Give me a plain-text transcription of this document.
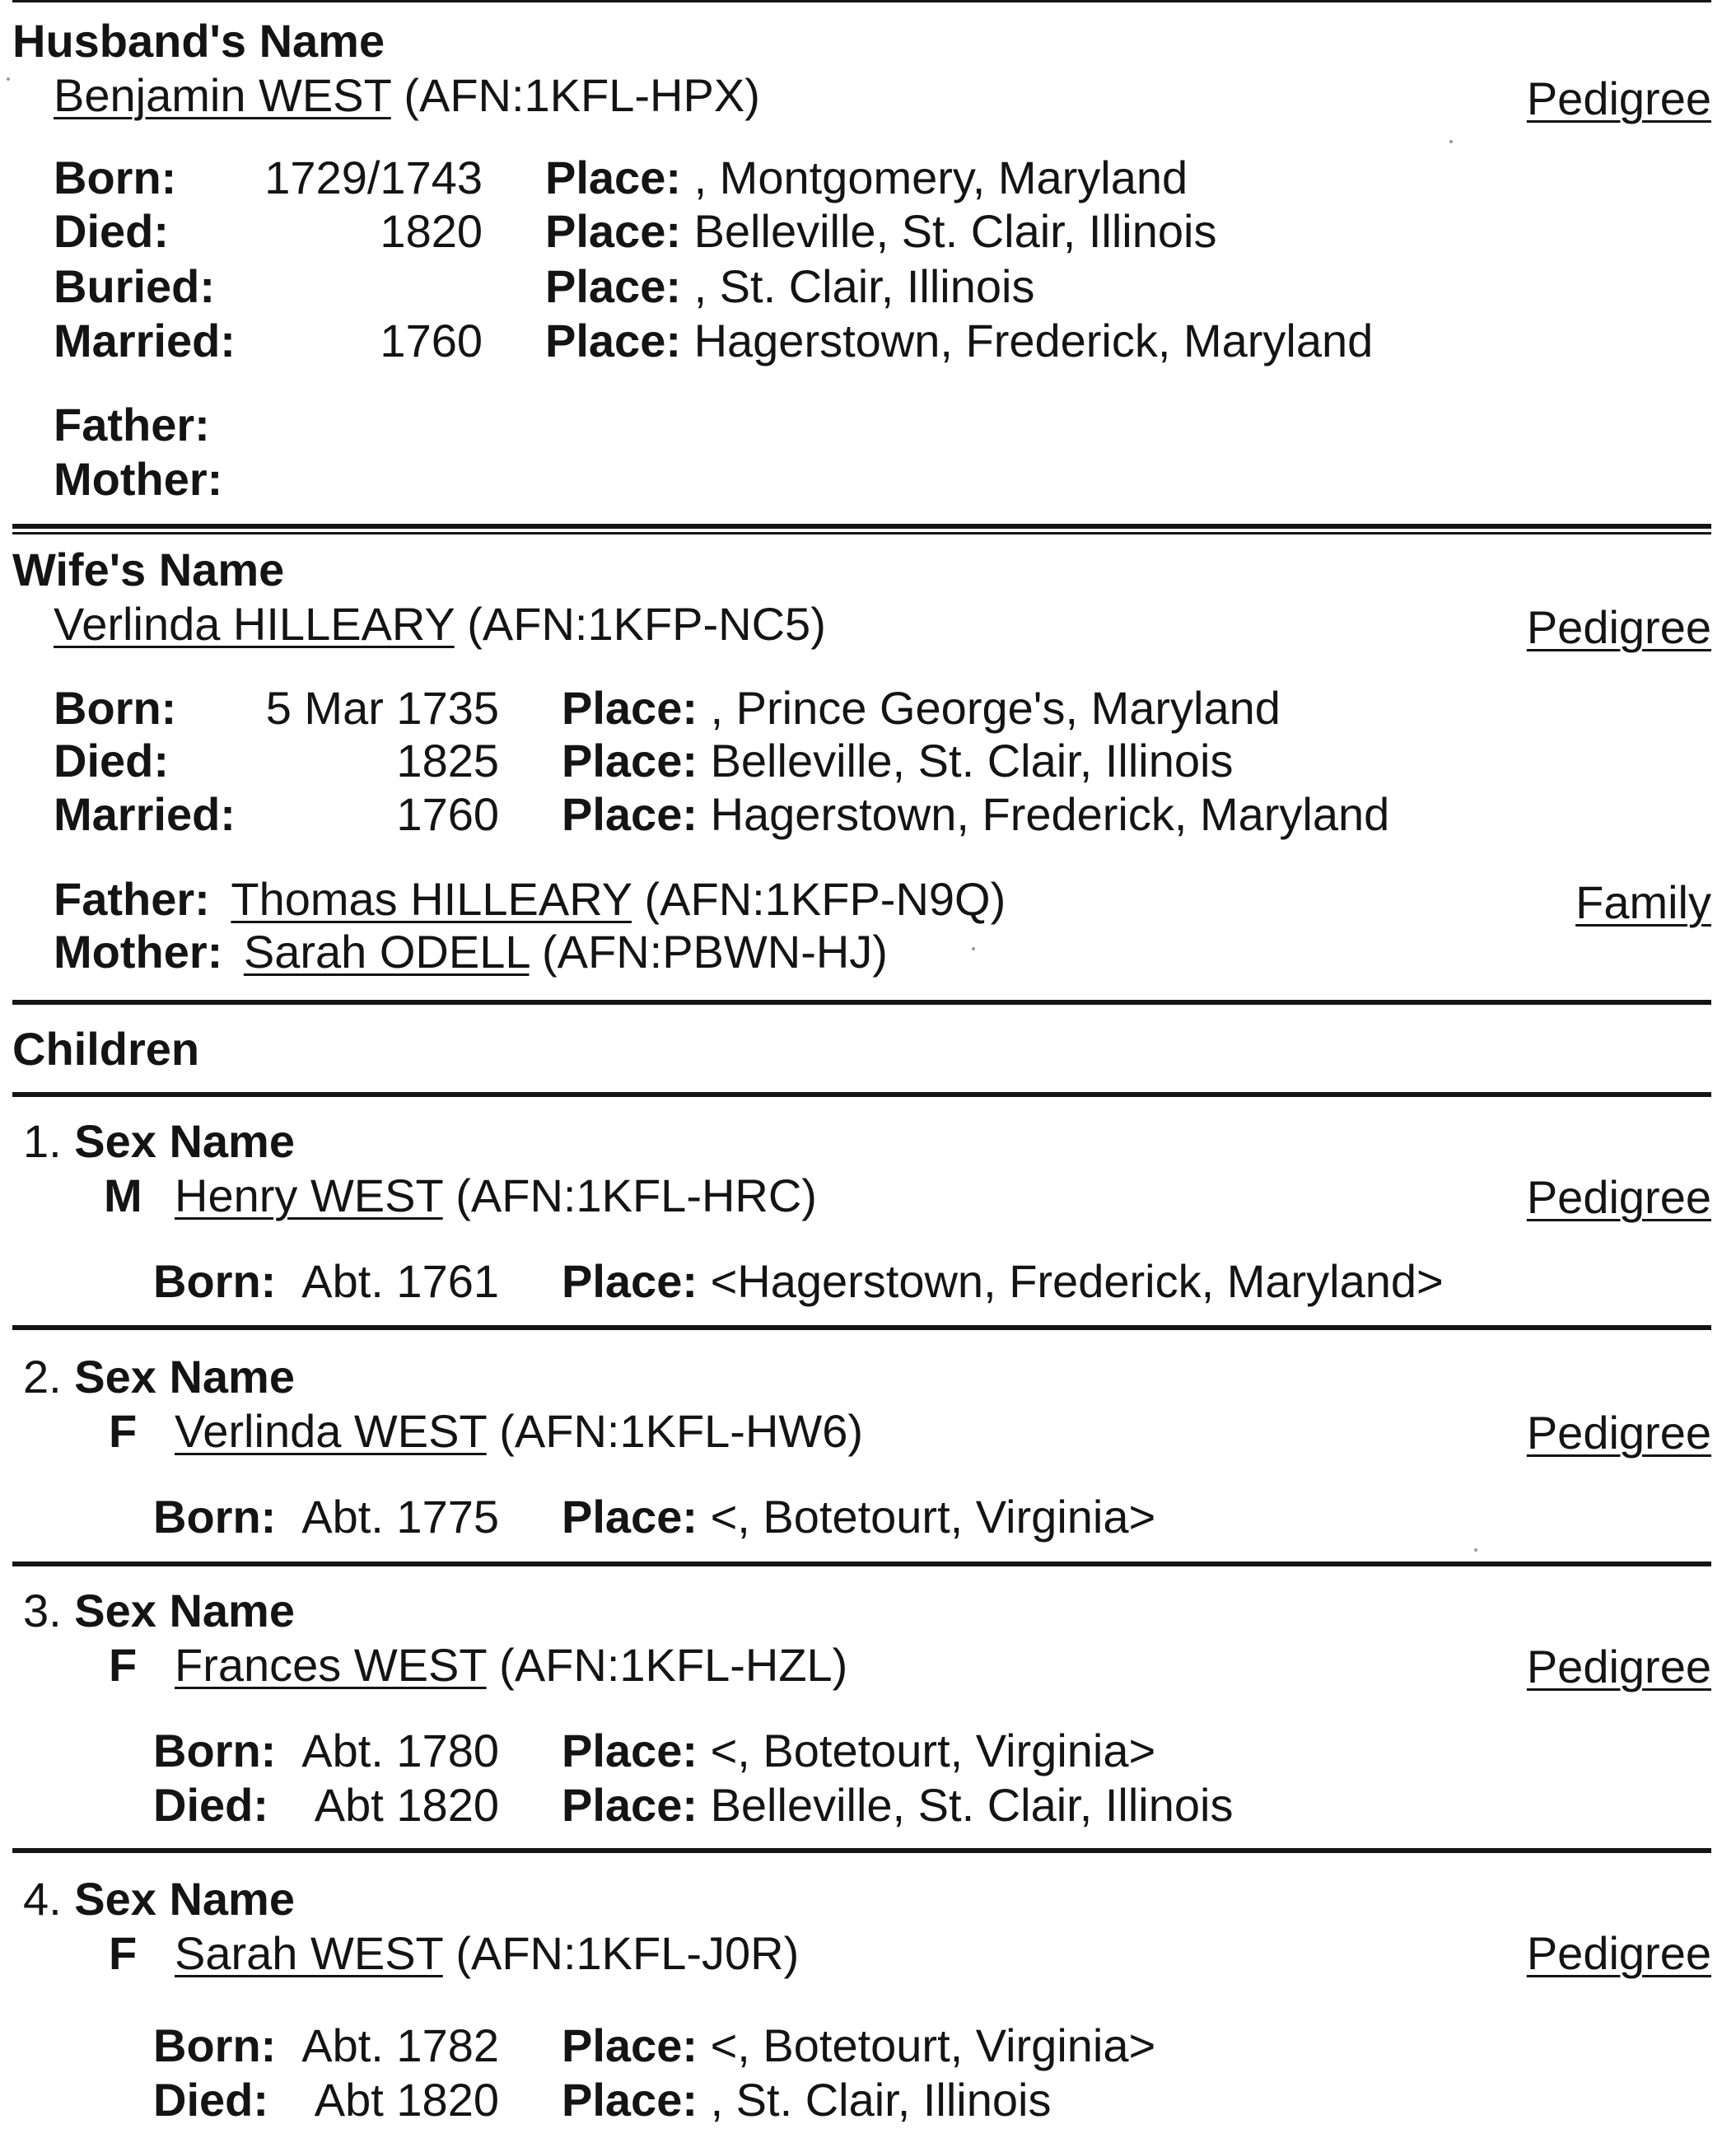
Husband's Name
Benjamin WEST (AFN:1KFL-HPX)	Pedigree
Born: 1729/1743 Place: , Montgomery, Maryland
Died:	1820 Place: Belleville, St. Clair, Illinois
Buried:	Place: , St. Clair, Illinois
Married:	1760 Place: Hagerstown, Frederick, Maryland
Father:
Mother:
Wife's Name
Verlinda HILLEARY (AFN:1KFP-NC5)	Pedigree
Born: 5 Mar 1735 Place: , Prince George's, Maryland
Died:	1825 Place: Belleville, St. Clair, Illinois
Married:	1760 Place: Hagerstown, Frederick, Maryland
Father: Thomas HILLEARY (AFN:1KFP-N9Q)	Family
Mother: Sarah ODELL (AFN:PBWN-HJ)
Children
1. Sex Name
M Henry WEST (AFN:1KFL-HRC)	Pedigree
Born: Abt. 1761 Place: <Hagerstown, Frederick, Maryland>
2. Sex Name
F Verlinda WEST (AFN:1KFL-HW6)	Pedigree
Born: Abt. 1775 Place: <, Botetourt, Virginia>
3. Sex Name
F Frances WEST (AFN:1KFL-HZL)	Pedigree
Born: Abt. 1780 Place: <, Botetourt, Virginia>
Died: Abt 1820 Place: Belleville, St. Clair, Illinois
4. Sex Name
F Sarah WEST (AFN:1KFL-J0R)	Pedigree
Born: Abt. 1782 Place: <, Botetourt, Virginia>
Died: Abt 1820 Place: , St. Clair, Illinois
